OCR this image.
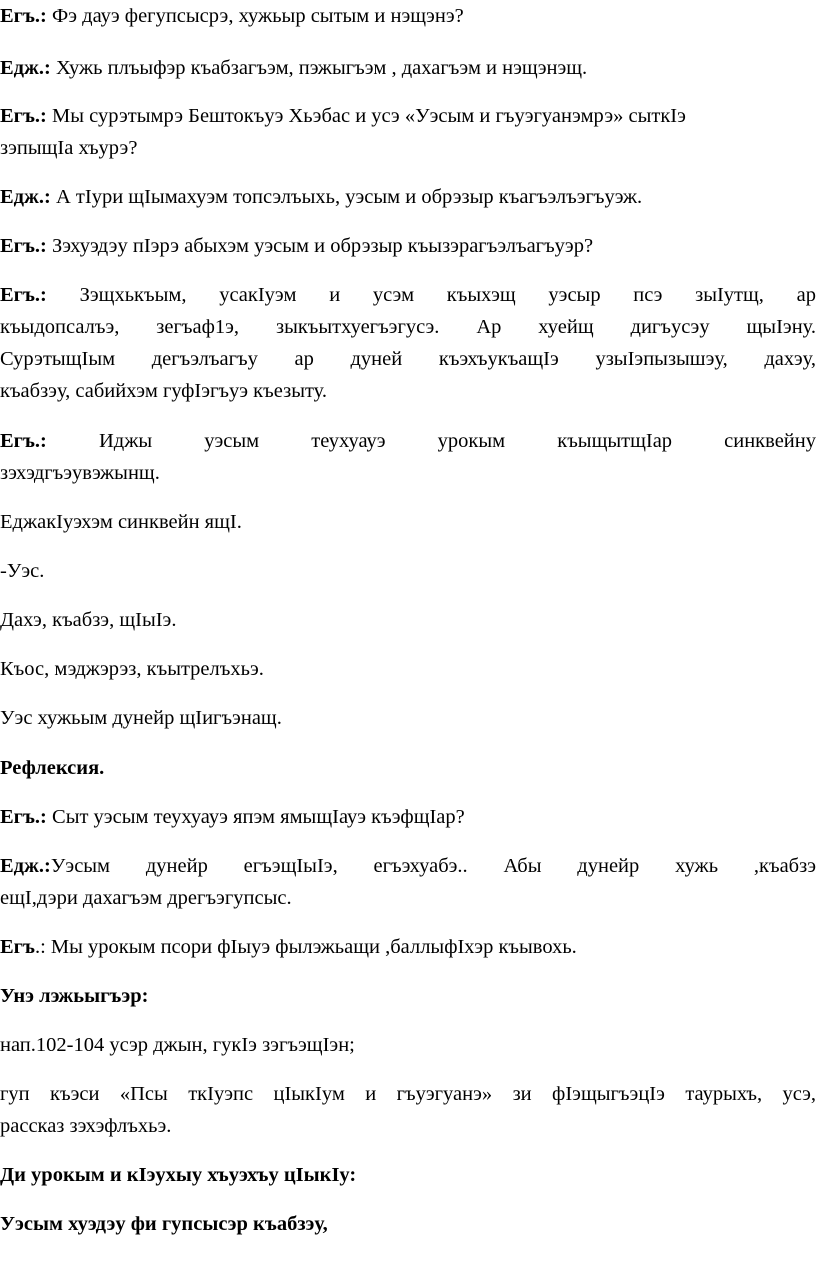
Егъ.: Фэ дауэ фегупсысрэ, хужьыр сытым и нэщэнэ?
Едж.: Хужь плъыфэр къабзагъэм, пэжыгъэм , дахагъэм и нэщэнэщ.
Егъ.: Мы сурэтымрэ Бештокъуэ Хьэбас и усэ «Уэсым и гъуэгуанэмрэ» сыткIэ
зэпыщIа хъурэ?
Едж.: А тIури щIымахуэм топсэлъыхь, уэсым и обрэзыр къагъэлъэгъуэж.
Егъ.: Зэхуэдэу пIэрэ абыхэм уэсым и обрэзыр къызэрагъэлъагъуэр?
Егъ.: Зэщхькъым, усакIуэм и усэм къыхэщ уэсыр псэ зыIутщ, ар
къыдопсалъэ, зегъаф1э, зыкъытхуегъэгусэ. Ар хуейщ дигъусэу щыIэну.
СурэтыщIым дегъэлъагъу ар дуней къэхъукъащIэ узыIэпызышэу, дахэу,
къабзэу, сабийхэм гуфIэгъуэ къезыту.
Егъ.: Иджы уэсым теухуауэ урокым къыщытщIар синквейну
зэхэдгъэувэжынщ.
ЕджакIуэхэм синквейн ящI.
-Уэс.
Дахэ, къабзэ, щIыIэ.
Къос, мэджэрэз, къытрелъхьэ.
Уэс хужьым дунейр щIигъэнащ.
Рефлексия.
Егъ.: Сыт уэсым теухуауэ япэм ямыщIауэ къэфщIар?
Едж.:Уэсым дунейр егъэщIыIэ, егъэхуабэ.. Абы дунейр хужь ,къабзэ
ещI,дэри дахагъэм дрегъэгупсыс.
Егъ.: Мы урокым псори фIыуэ фылэжьащи ,баллыфIхэр къывохь.
Унэ лэжьыгъэр:
нап.102-104 усэр джын, гукIэ зэгъэщIэн;
гуп къэси «Псы ткIуэпс цIыкIум и гъуэгуанэ» зи фIэщыгъэцIэ таурыхъ, усэ,
рассказ зэхэфлъхьэ.
Ди урокым и кIэухыу хъуэхъу цIыкIу:
Уэсым хуэдэу фи гупсысэр къабзэу,
